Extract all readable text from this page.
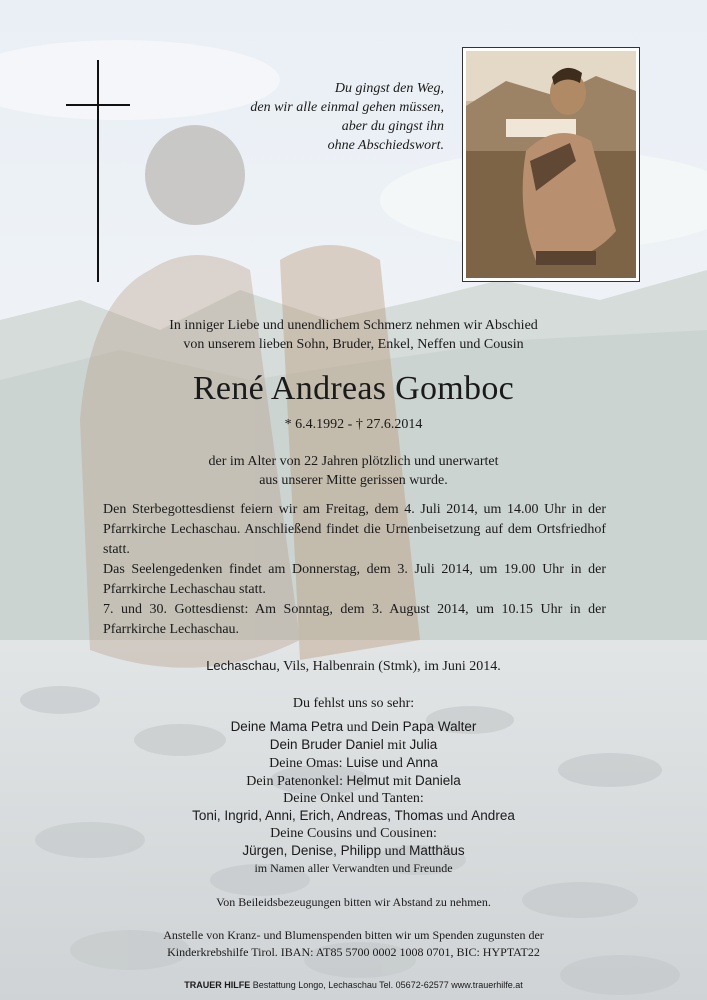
Du gingst den Weg,
den wir alle einmal gehen müssen,
aber du gingst ihn
ohne Abschiedswort.
In inniger Liebe und unendlichem Schmerz nehmen wir Abschied
von unserem lieben Sohn, Bruder, Enkel, Neffen und Cousin
René Andreas Gomboc
* 6.4.1992 - † 27.6.2014
der im Alter von 22 Jahren plötzlich und unerwartet
aus unserer Mitte gerissen wurde.
Den Sterbegottesdienst feiern wir am Freitag, dem 4. Juli 2014, um 14.00 Uhr in der Pfarrkirche Lechaschau. Anschließend findet die Urnenbeisetzung auf dem Ortsfriedhof statt.
Das Seelengedenken findet am Donnerstag, dem 3. Juli 2014, um 19.00 Uhr in der Pfarrkirche Lechaschau statt.
7. und 30. Gottesdienst: Am Sonntag, dem 3. August 2014, um 10.15 Uhr in der Pfarrkirche Lechaschau.
Lechaschau, Vils, Halbenrain (Stmk), im Juni 2014.
Du fehlst uns so sehr:
Deine Mama Petra und Dein Papa Walter
Dein Bruder Daniel mit Julia
Deine Omas: Luise und Anna
Dein Patenonkel: Helmut mit Daniela
Deine Onkel und Tanten:
Toni, Ingrid, Anni, Erich, Andreas, Thomas und Andrea
Deine Cousins und Cousinen:
Jürgen, Denise, Philipp und Matthäus
im Namen aller Verwandten und Freunde
Von Beileidsbezeugungen bitten wir Abstand zu nehmen.
Anstelle von Kranz- und Blumenspenden bitten wir um Spenden zugunsten der
Kinderkrebshilfe Tirol. IBAN: AT85 5700 0002 1008 0701, BIC: HYPTAT22
TRAUER HILFE Bestattung Longo, Lechaschau Tel. 05672-62577 www.trauerhilfe.at
